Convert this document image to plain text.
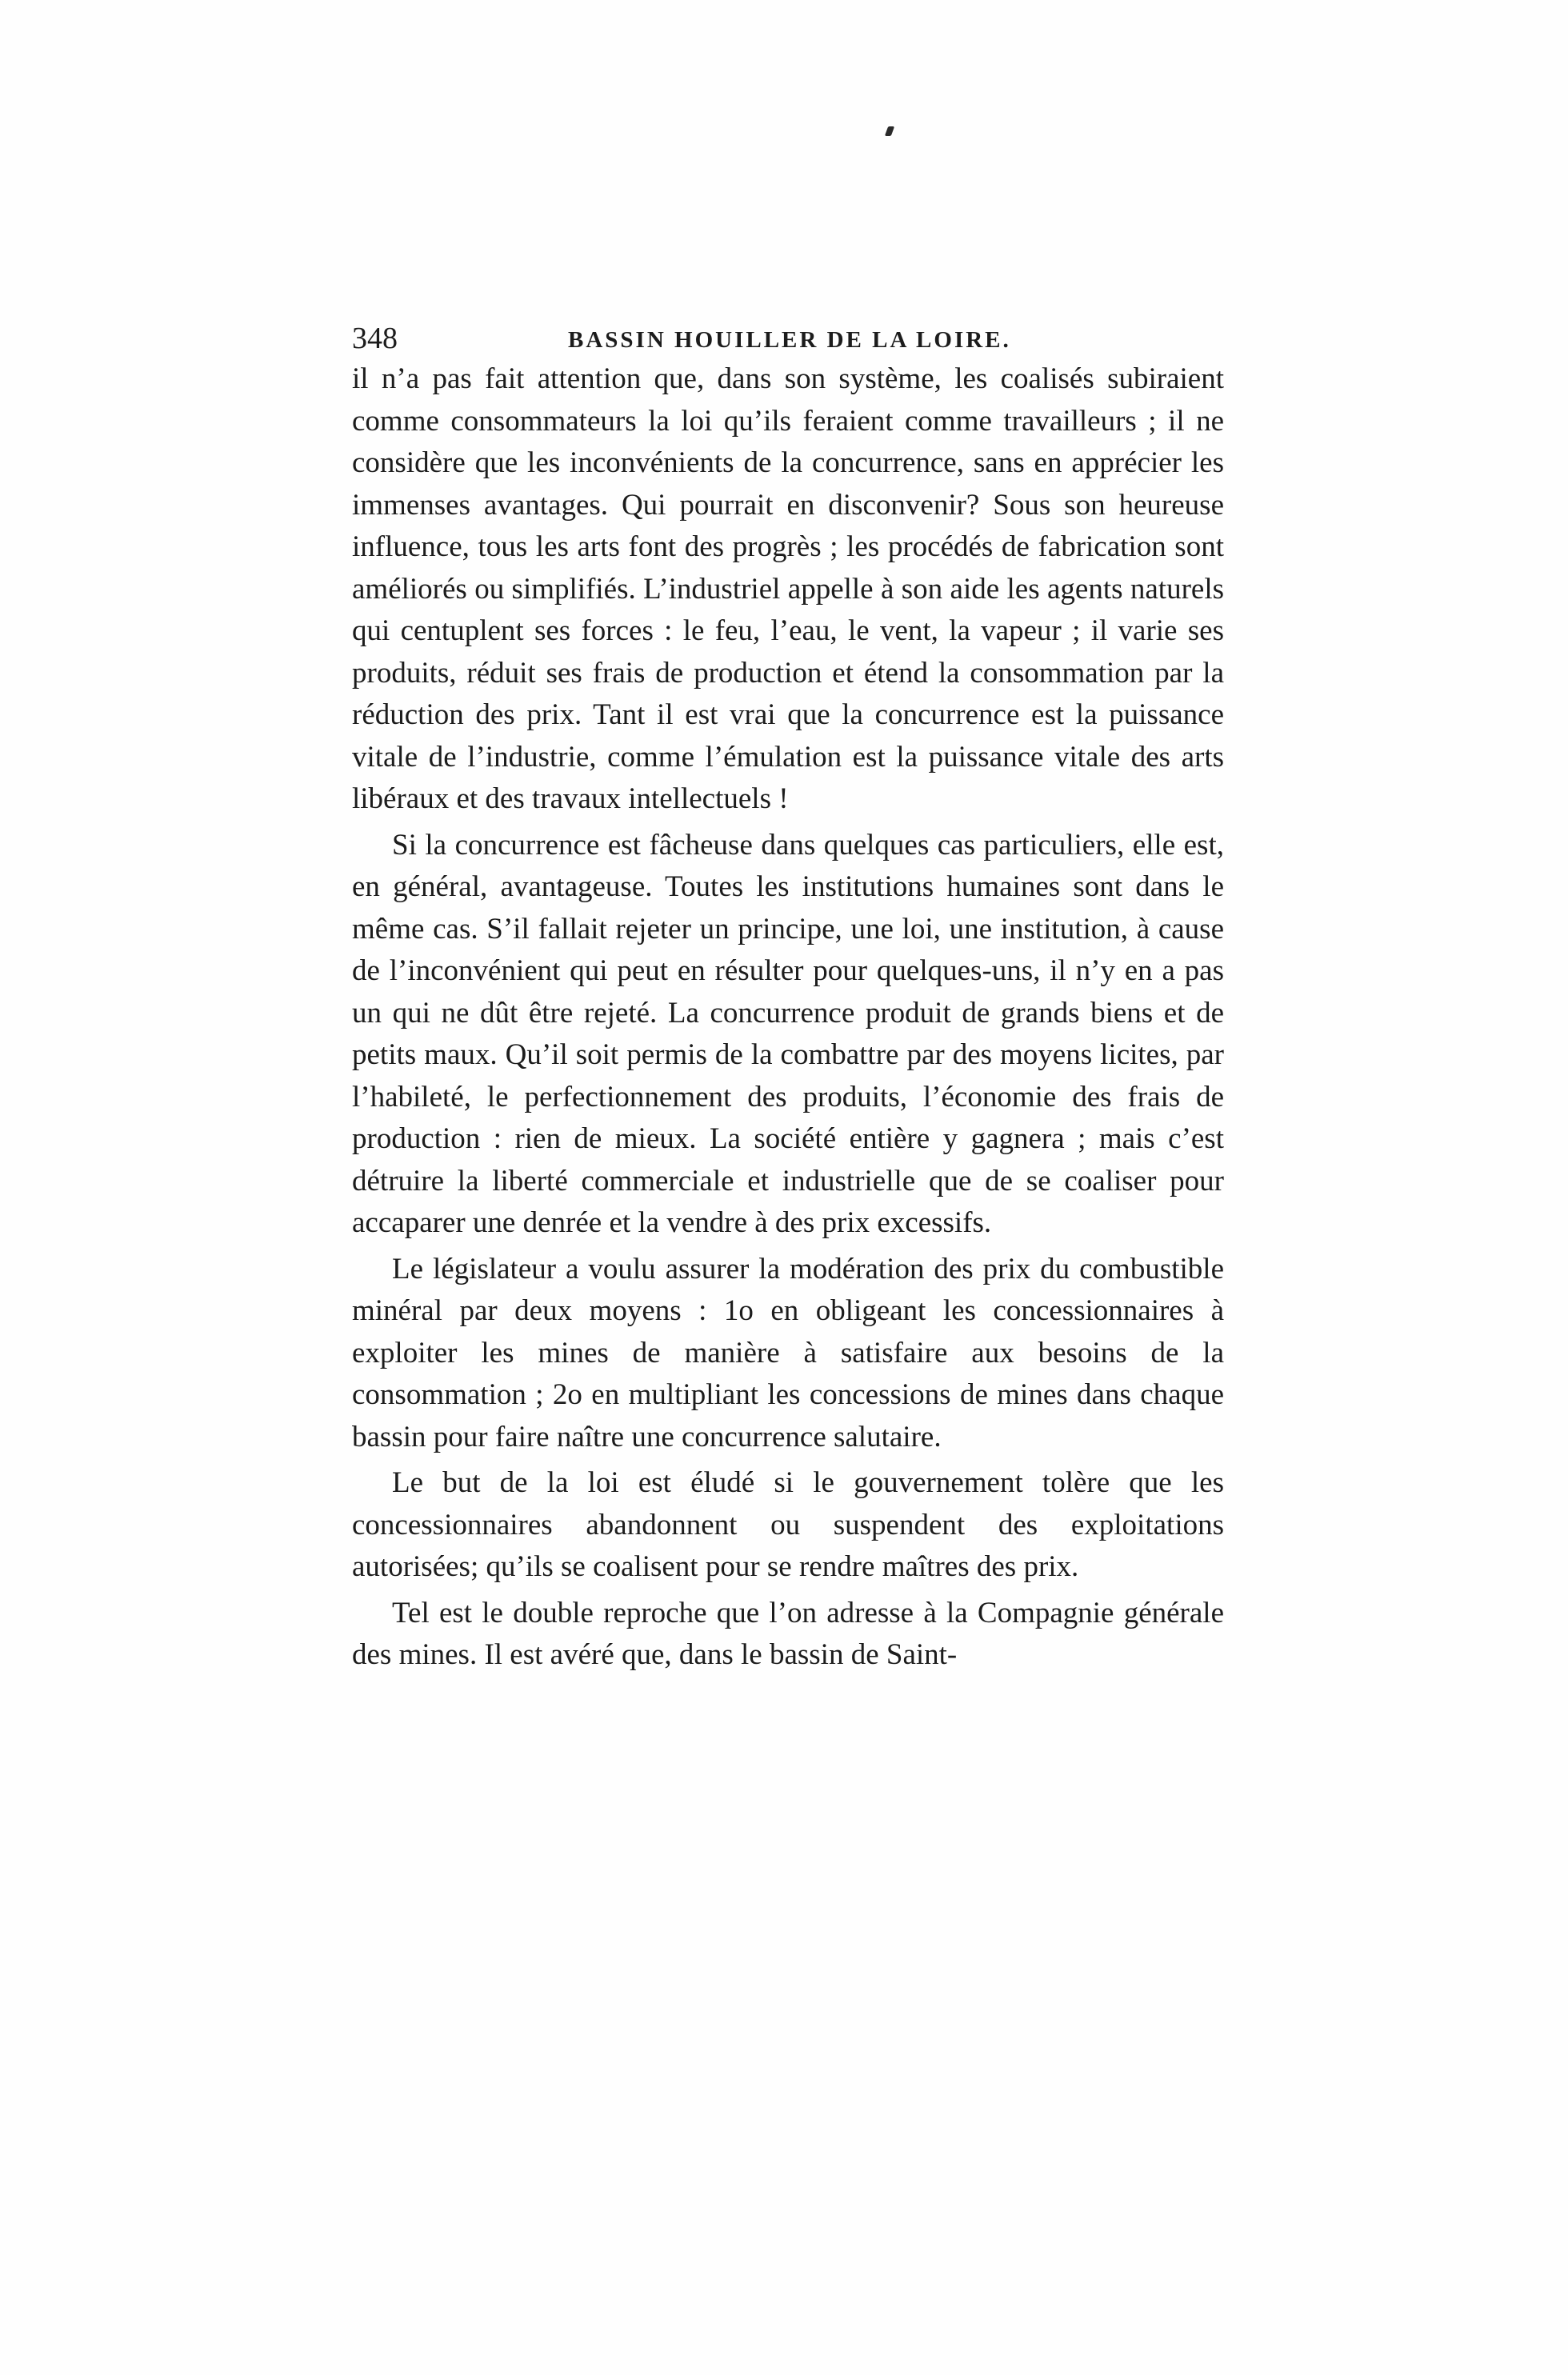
348	BASSIN HOUILLER DE LA LOIRE.

il n’a pas fait attention que, dans son système, les coalisés subiraient comme consommateurs la loi qu’ils feraient comme travailleurs ; il ne considère que les inconvénients de la concurrence, sans en apprécier les immenses avantages. Qui pourrait en disconvenir? Sous son heureuse influence, tous les arts font des progrès ; les procédés de fabrication sont améliorés ou simplifiés. L’industriel appelle à son aide les agents naturels qui centuplent ses forces : le feu, l’eau, le vent, la vapeur ; il varie ses produits, réduit ses frais de production et étend la consommation par la réduction des prix. Tant il est vrai que la concurrence est la puissance vitale de l’industrie, comme l’émulation est la puissance vitale des arts libéraux et des travaux intellectuels !

Si la concurrence est fâcheuse dans quelques cas particuliers, elle est, en général, avantageuse. Toutes les institutions humaines sont dans le même cas. S’il fallait rejeter un principe, une loi, une institution, à cause de l’inconvénient qui peut en résulter pour quelques-uns, il n’y en a pas un qui ne dût être rejeté. La concurrence produit de grands biens et de petits maux. Qu’il soit permis de la combattre par des moyens licites, par l’habileté, le perfectionnement des produits, l’économie des frais de production : rien de mieux. La société entière y gagnera ; mais c’est détruire la liberté commerciale et industrielle que de se coaliser pour accaparer une denrée et la vendre à des prix excessifs.

Le législateur a voulu assurer la modération des prix du combustible minéral par deux moyens : 1o en obligeant les concessionnaires à exploiter les mines de manière à satisfaire aux besoins de la consommation ; 2o en multipliant les concessions de mines dans chaque bassin pour faire naître une concurrence salutaire.

Le but de la loi est éludé si le gouvernement tolère que les concessionnaires abandonnent ou suspendent des exploitations autorisées; qu’ils se coalisent pour se rendre maîtres des prix.

Tel est le double reproche que l’on adresse à la Compagnie générale des mines. Il est avéré que, dans le bassin de Saint-
